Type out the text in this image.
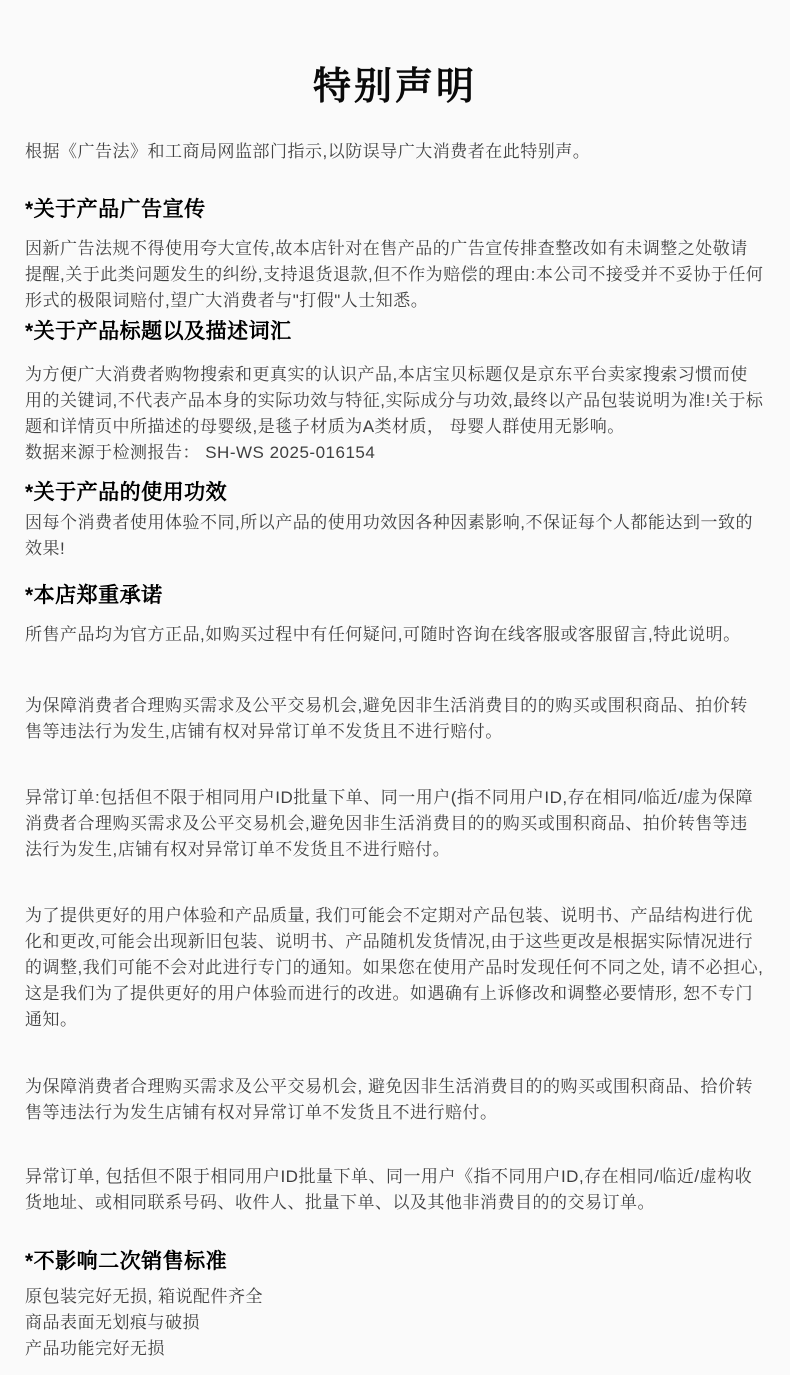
特别声明

根据《广告法》和工商局网监部门指示,以防误导广大消费者在此特别声。

*关于产品广告宣传

因新广告法规不得使用夸大宣传,故本店针对在售产品的广告宣传排查整改如有未调整之处敬请提醒,关于此类问题发生的纠纷,支持退货退款,但不作为赔偿的理由:本公司不接受并不妥协于任何形式的极限词赔付,望广大消费者与"打假"人士知悉。

*关于产品标题以及描述词汇

为方便广大消费者购物搜索和更真实的认识产品,本店宝贝标题仅是京东平台卖家搜索习惯而使用的关键词,不代表产品本身的实际功效与特征,实际成分与功效,最终以产品包装说明为准!关于标题和详情页中所描述的母婴级,是毯子材质为A类材质， 母婴人群使用无影响。

数据来源于检测报告： SH-WS 2025-016154

*关于产品的使用功效

因每个消费者使用体验不同,所以产品的使用功效因各种因素影响,不保证每个人都能达到一致的效果!

*本店郑重承诺

所售产品均为官方正品,如购买过程中有任何疑问,可随时咨询在线客服或客服留言,特此说明。

为保障消费者合理购买需求及公平交易机会,避免因非生活消费目的的购买或围积商品、拍价转售等违法行为发生,店铺有权对异常订单不发货且不进行赔付。

异常订单:包括但不限于相同用户ID批量下单、同一用户(指不同用户ID,存在相同/临近/虚为保障消费者合理购买需求及公平交易机会,避免因非生活消费目的的购买或围积商品、拍价转售等违法行为发生,店铺有权对异常订单不发货且不进行赔付。

为了提供更好的用户体验和产品质量, 我们可能会不定期对产品包装、说明书、产品结构进行优化和更改,可能会出现新旧包装、说明书、产品随机发货情况,由于这些更改是根据实际情况进行的调整,我们可能不会对此进行专门的通知。如果您在使用产品时发现任何不同之处, 请不必担心, 这是我们为了提供更好的用户体验而进行的改进。如遇确有上诉修改和调整必要情形, 恕不专门通知。

为保障消费者合理购买需求及公平交易机会, 避免因非生活消费目的的购买或围积商品、拾价转售等违法行为发生店铺有权对异常订单不发货且不进行赔付。

异常订单, 包括但不限于相同用户ID批量下单、同一用户《指不同用户ID,存在相同/临近/虚构收货地址、或相同联系号码、收件人、批量下单、以及其他非消费目的的交易订单。

*不影响二次销售标准

原包装完好无损, 箱说配件齐全

商品表面无划痕与破损

产品功能完好无损
